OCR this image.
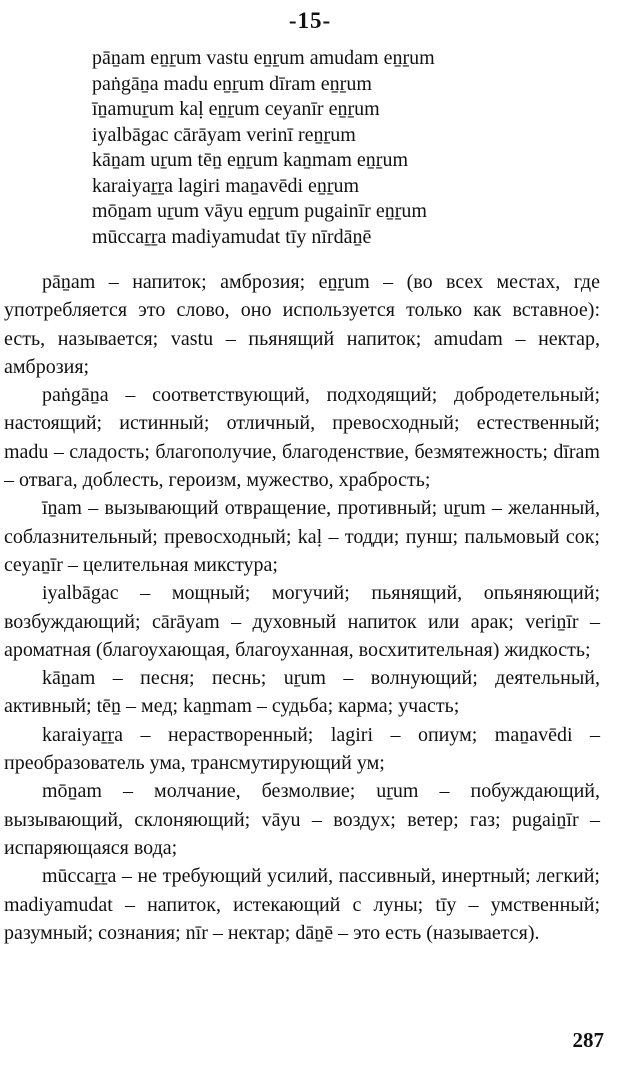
-15-
pāṉam eṉṟum vastu eṉṟum amudam eṉṟum
paṅgāṉa madu eṉṟum dīram eṉṟum
īṉamuṟum kaḷ eṉṟum ceyanīr eṉṟum
iyalbāgac cārāyam verinī reṉṟum
kāṉam uṟum tēṉ eṉṟum kaṉmam eṉṟum
karaiyaṟṟa lagiri maṉavēdi eṉṟum
mōṉam uṟum vāyu eṉṟum pugainīr eṉṟum
mūccaṟṟa madiyamudat tīy nīrdāṉē

pāṉam – напиток; амброзия; eṉṟum – (во всех местах, где употребляется это слово, оно используется только как вставное): есть, называется; vastu – пьянящий напиток; amudam – нектар, амброзия;

paṅgāṉa – соответствующий, подходящий; добродетельный; настоящий; истинный; отличный, превосходный; естественный; madu – сладость; благополучие, благоденствие, безмятежность; dīram – отвага, доблесть, героизм, мужество, храбрость;

īṉam – вызывающий отвращение, противный; uṟum – желанный, соблазнительный; превосходный; kaḷ – тодди; пунш; пальмовый сок; ceyaṉīr – целительная микстура;

iyalbāgac – мощный; могучий; пьянящий, опьяняющий; возбуждающий; cārāyam – духовный напиток или арак; veriṉīr – ароматная (благоухающая, благоуханная, восхитительная) жидкость;

kāṉam – песня; песнь; uṟum – волнующий; деятельный, активный; tēṉ – мед; kaṉmam – судьба; карма; участь;

karaiyaṟṟa – нерастворенный; lagiri – опиум; maṉavēdi – преобразователь ума, трансмутирующий ум;

mōṉam – молчание, безмолвие; uṟum – побуждающий, вызывающий, склоняющий; vāyu – воздух; ветер; газ; pugaiṉīr – испаряющаяся вода;

mūccaṟṟa – не требующий усилий, пассивный, инертный; легкий; madiyamudat – напиток, истекающий с луны; tīy – умственный; разумный; сознания; nīr – нектар; dāṉē – это есть (называется).

287
